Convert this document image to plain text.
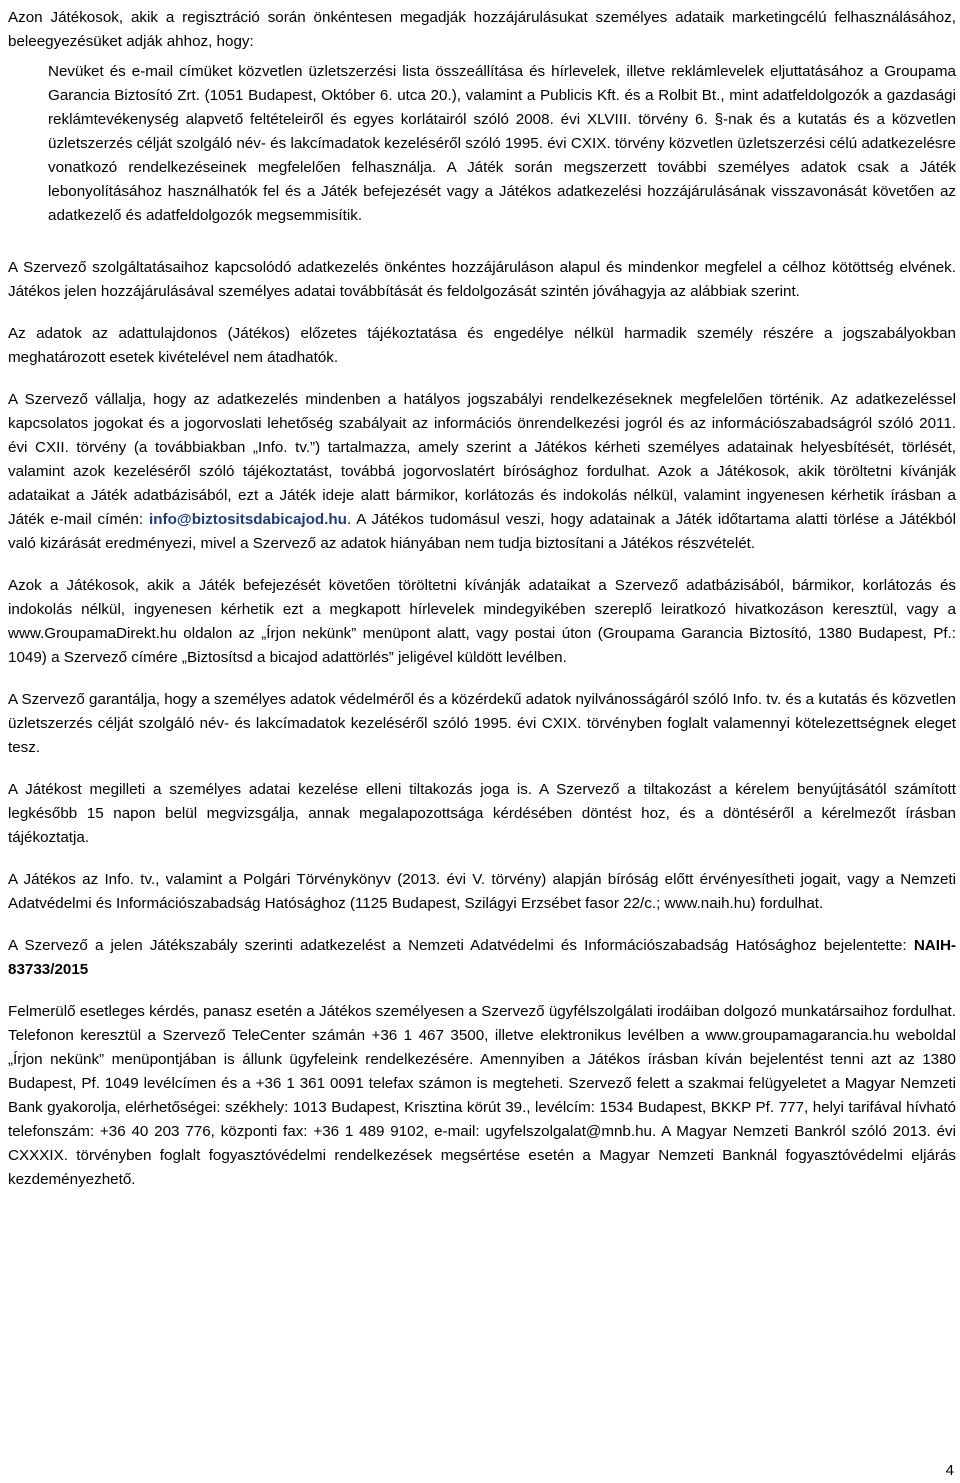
Azon Játékosok, akik a regisztráció során önkéntesen megadják hozzájárulásukat személyes adataik marketingcélú felhasználásához, beleegyezésüket adják ahhoz, hogy:

Nevüket és e-mail címüket közvetlen üzletszerzési lista összeállítása és hírlevelek, illetve reklámlevelek eljuttatásához a Groupama Garancia Biztosító Zrt. (1051 Budapest, Október 6. utca 20.), valamint a Publicis Kft. és a Rolbit Bt., mint adatfeldolgozók a gazdasági reklámtevékenység alapvető feltételeiről és egyes korlátairól szóló 2008. évi XLVIII. törvény 6. §-nak és a kutatás és a közvetlen üzletszerzés célját szolgáló név- és lakcímadatok kezeléséről szóló 1995. évi CXIX. törvény közvetlen üzletszerzési célú adatkezelésre vonatkozó rendelkezéseinek megfelelően felhasználja. A Játék során megszerzett további személyes adatok csak a Játék lebonyolításához használhatók fel és a Játék befejezését vagy a Játékos adatkezelési hozzájárulásának visszavonását követően az adatkezelő és adatfeldolgozók megsemmisítik.

A Szervező szolgáltatásaihoz kapcsolódó adatkezelés önkéntes hozzájáruláson alapul és mindenkor megfelel a célhoz kötöttség elvének. Játékos jelen hozzájárulásával személyes adatai továbbítását és feldolgozását szintén jóváhagyja az alábbiak szerint.

Az adatok az adattulajdonos (Játékos) előzetes tájékoztatása és engedélye nélkül harmadik személy részére a jogszabályokban meghatározott esetek kivételével nem átadhatók.

A Szervező vállalja, hogy az adatkezelés mindenben a hatályos jogszabályi rendelkezéseknek megfelelően történik. Az adatkezeléssel kapcsolatos jogokat és a jogorvoslati lehetőség szabályait az információs önrendelkezési jogról és az információszabadságról szóló 2011. évi CXII. törvény (a továbbiakban „Info. tv.”) tartalmazza, amely szerint a Játékos kérheti személyes adatainak helyesbítését, törlését, valamint azok kezeléséről szóló tájékoztatást, továbbá jogorvoslatért bírósághoz fordulhat. Azok a Játékosok, akik töröltetni kívánják adataikat a Játék adatbázisából, ezt a Játék ideje alatt bármikor, korlátozás és indokolás nélkül, valamint ingyenesen kérhetik írásban a Játék e-mail címén: info@biztositsdabicajod.hu. A Játékos tudomásul veszi, hogy adatainak a Játék időtartama alatti törlése a Játékból való kizárását eredményezi, mivel a Szervező az adatok hiányában nem tudja biztosítani a Játékos részvételét.

Azok a Játékosok, akik a Játék befejezését követően töröltetni kívánják adataikat a Szervező adatbázisából, bármikor, korlátozás és indokolás nélkül, ingyenesen kérhetik ezt a megkapott hírlevelek mindegyikében szereplő leiratkozó hivatkozáson keresztül, vagy a www.GroupamaDirekt.hu oldalon az „Írjon nekünk” menüpont alatt, vagy postai úton (Groupama Garancia Biztosító, 1380 Budapest, Pf.: 1049) a Szervező címére „Biztosítsd a bicajod adattörlés” jeligével küldött levélben.

A Szervező garantálja, hogy a személyes adatok védelméről és a közérdekű adatok nyilvánosságáról szóló Info. tv. és a kutatás és közvetlen üzletszerzés célját szolgáló név- és lakcímadatok kezeléséről szóló 1995. évi CXIX. törvényben foglalt valamennyi kötelezettségnek eleget tesz.

A Játékost megilleti a személyes adatai kezelése elleni tiltakozás joga is. A Szervező a tiltakozást a kérelem benyújtásától számított legkésőbb 15 napon belül megvizsgálja, annak megalapozottsága kérdésében döntést hoz, és a döntéséről a kérelmezőt írásban tájékoztatja.

A Játékos az Info. tv., valamint a Polgári Törvénykönyv (2013. évi V. törvény) alapján bíróság előtt érvényesítheti jogait, vagy a Nemzeti Adatvédelmi és Információszabadság Hatósághoz (1125 Budapest, Szilágyi Erzsébet fasor 22/c.; www.naih.hu) fordulhat.

A Szervező a jelen Játékszabály szerinti adatkezelést a Nemzeti Adatvédelmi és Információszabadság Hatósághoz bejelentette: NAIH-83733/2015

Felmerülő esetleges kérdés, panasz esetén a Játékos személyesen a Szervező ügyfélszolgálati irodáiban dolgozó munkatársaihoz fordulhat. Telefonon keresztül a Szervező TeleCenter számán +36 1 467 3500, illetve elektronikus levélben a www.groupamagarancia.hu weboldal „Írjon nekünk” menüpontjában is állunk ügyfeleink rendelkezésére. Amennyiben a Játékos írásban kíván bejelentést tenni azt az 1380 Budapest, Pf. 1049 levélcímen és a +36 1 361 0091 telefax számon is megteheti. Szervező felett a szakmai felügyeletet a Magyar Nemzeti Bank gyakorolja, elérhetőségei: székhely: 1013 Budapest, Krisztina körút 39., levélcím: 1534 Budapest, BKKP Pf. 777, helyi tarifával hívható telefonszám: +36 40 203 776, központi fax: +36 1 489 9102, e-mail: ugyfelszolgalat@mnb.hu. A Magyar Nemzeti Bankról szóló 2013. évi CXXXIX. törvényben foglalt fogyasztóvédelmi rendelkezések megsértése esetén a Magyar Nemzeti Banknál fogyasztóvédelmi eljárás kezdeményezhető.

4
